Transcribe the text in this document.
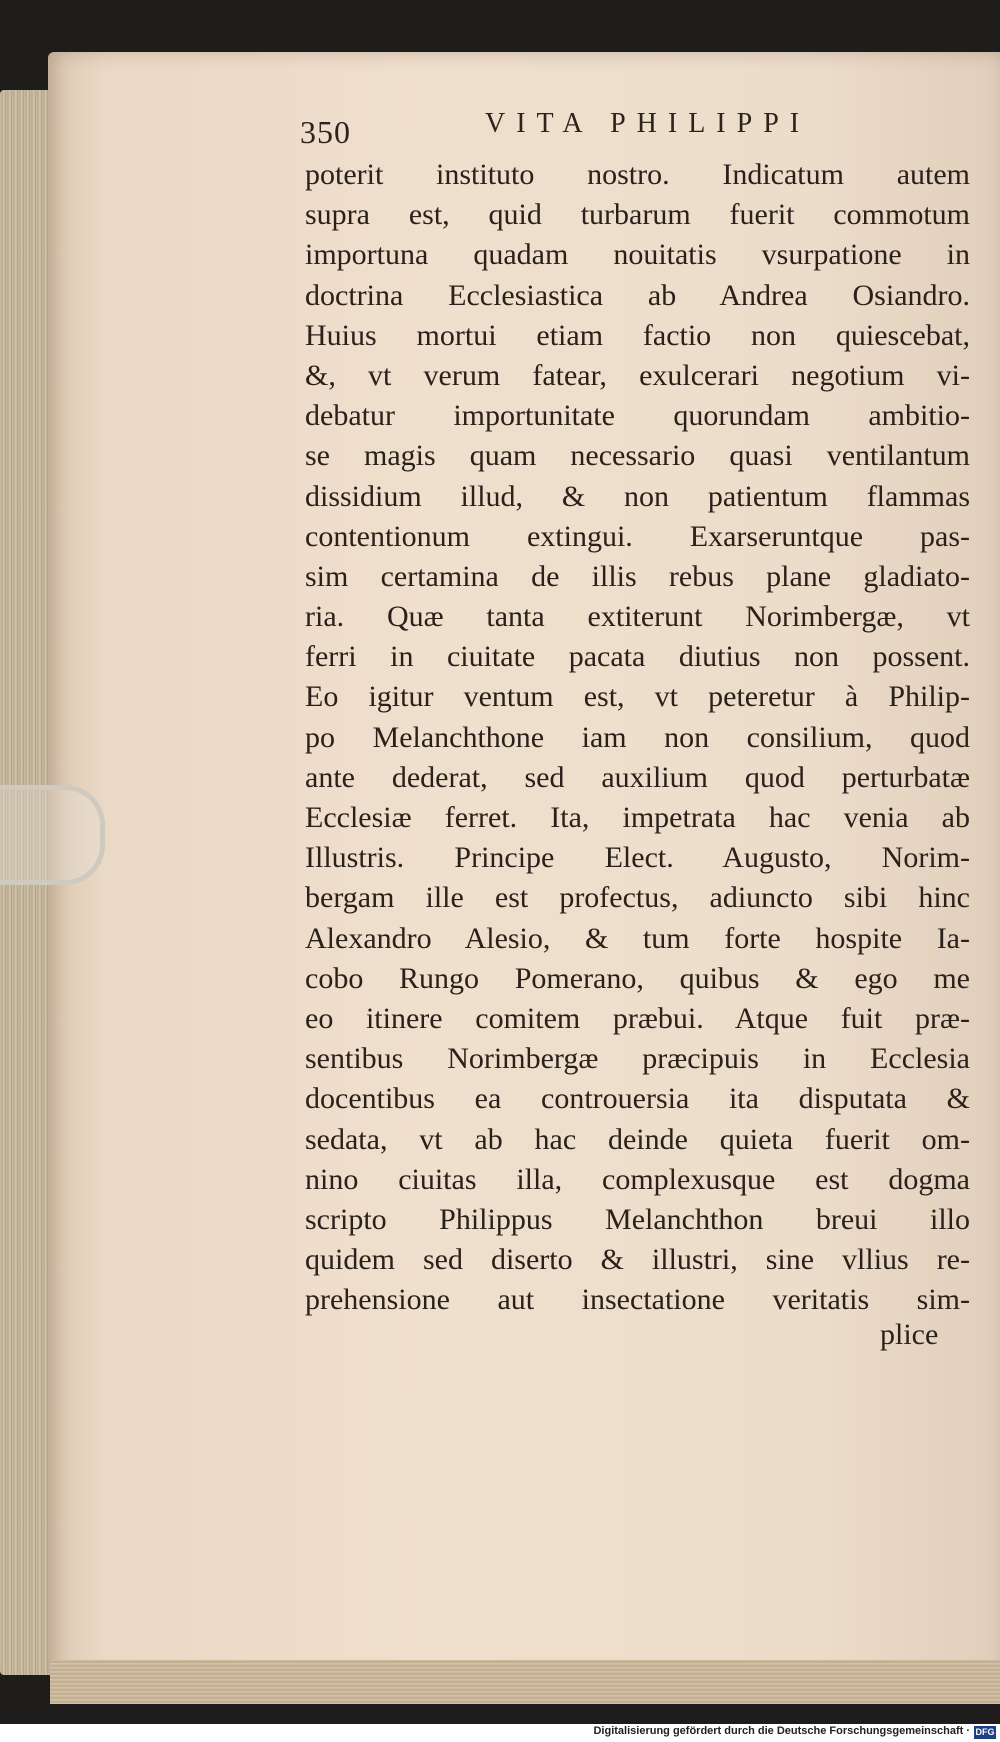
350	VITA PHILIPPI
poterit instituto nostro. Indicatum autem
supra est, quid turbarum fuerit commotum
importuna quadam nouitatis vsurpatione in
doctrina Ecclesiastica ab Andrea Osiandro.
Huius mortui etiam factio non quiescebat,
&, vt verum fatear, exulcerari negotium vi-
debatur importunitate quorundam ambitio-
se magis quam necessario quasi ventilantum
dissidium illud, & non patientum flammas
contentionum extingui. Exarseruntque pas-
sim certamina de illis rebus plane gladiato-
ria. Quæ tanta extiterunt Norimbergæ, vt
ferri in ciuitate pacata diutius non possent.
Eo igitur ventum est, vt peteretur à Philip-
po Melanchthone iam non consilium, quod
ante dederat, sed auxilium quod perturbatæ
Ecclesiæ ferret. Ita, impetrata hac venia ab
Illustris. Principe Elect. Augusto, Norim-
bergam ille est profectus, adiuncto sibi hinc
Alexandro Alesio, & tum forte hospite Ia-
cobo Rungo Pomerano, quibus & ego me
eo itinere comitem præbui. Atque fuit præ-
sentibus Norimbergæ præcipuis in Ecclesia
docentibus ea controuersia ita disputata &
sedata, vt ab hac deinde quieta fuerit om-
nino ciuitas illa, complexusque est dogma
scripto Philippus Melanchthon breui illo
quidem sed diserto & illustri, sine vllius re-
prehensione aut insectatione veritatis sim-
plice
Digitalisierung gefördert durch die Deutsche Forschungsgemeinschaft · DFG
